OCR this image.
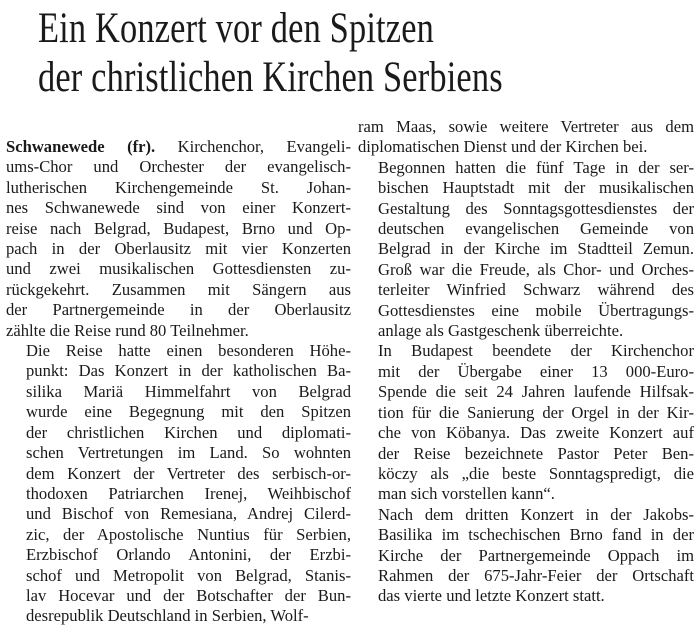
Ein Konzert vor den Spitzen
der christlichen Kirchen Serbiens

Schwanewede (fr). Kirchenchor, Evangeli-
ums-Chor und Orchester der evangelisch-
lutherischen Kirchengemeinde St. Johan-
nes Schwanewede sind von einer Konzert-
reise nach Belgrad, Budapest, Brno und Op-
pach in der Oberlausitz mit vier Konzerten
und zwei musikalischen Gottesdiensten zu-
rückgekehrt. Zusammen mit Sängern aus
der Partnergemeinde in der Oberlausitz
zählte die Reise rund 80 Teilnehmer.

Die Reise hatte einen besonderen Höhe-
punkt: Das Konzert in der katholischen Ba-
silika Mariä Himmelfahrt von Belgrad
wurde eine Begegnung mit den Spitzen
der christlichen Kirchen und diplomati-
schen Vertretungen im Land. So wohnten
dem Konzert der Vertreter des serbisch-or-
thodoxen Patriarchen Irenej, Weihbischof
und Bischof von Remesiana, Andrej Cilerd-
zic, der Apostolische Nuntius für Serbien,
Erzbischof Orlando Antonini, der Erzbi-
schof und Metropolit von Belgrad, Stanis-
lav Hocevar und der Botschafter der Bun-
desrepublik Deutschland in Serbien, Wolf-

ram Maas, sowie weitere Vertreter aus dem
diplomatischen Dienst und der Kirchen bei.

Begonnen hatten die fünf Tage in der ser-
bischen Hauptstadt mit der musikalischen
Gestaltung des Sonntagsgottesdienstes der
deutschen evangelischen Gemeinde von
Belgrad in der Kirche im Stadtteil Zemun.
Groß war die Freude, als Chor- und Orches-
terleiter Winfried Schwarz während des
Gottesdienstes eine mobile Übertragungs-
anlage als Gastgeschenk überreichte.

In Budapest beendete der Kirchenchor
mit der Übergabe einer 13 000-Euro-
Spende die seit 24 Jahren laufende Hilfsak-
tion für die Sanierung der Orgel in der Kir-
che von Köbanya. Das zweite Konzert auf
der Reise bezeichnete Pastor Peter Ben-
köczy als „die beste Sonntagspredigt, die
man sich vorstellen kann“.

Nach dem dritten Konzert in der Jakobs-
Basilika im tschechischen Brno fand in der
Kirche der Partnergemeinde Oppach im
Rahmen der 675-Jahr-Feier der Ortschaft
das vierte und letzte Konzert statt.
